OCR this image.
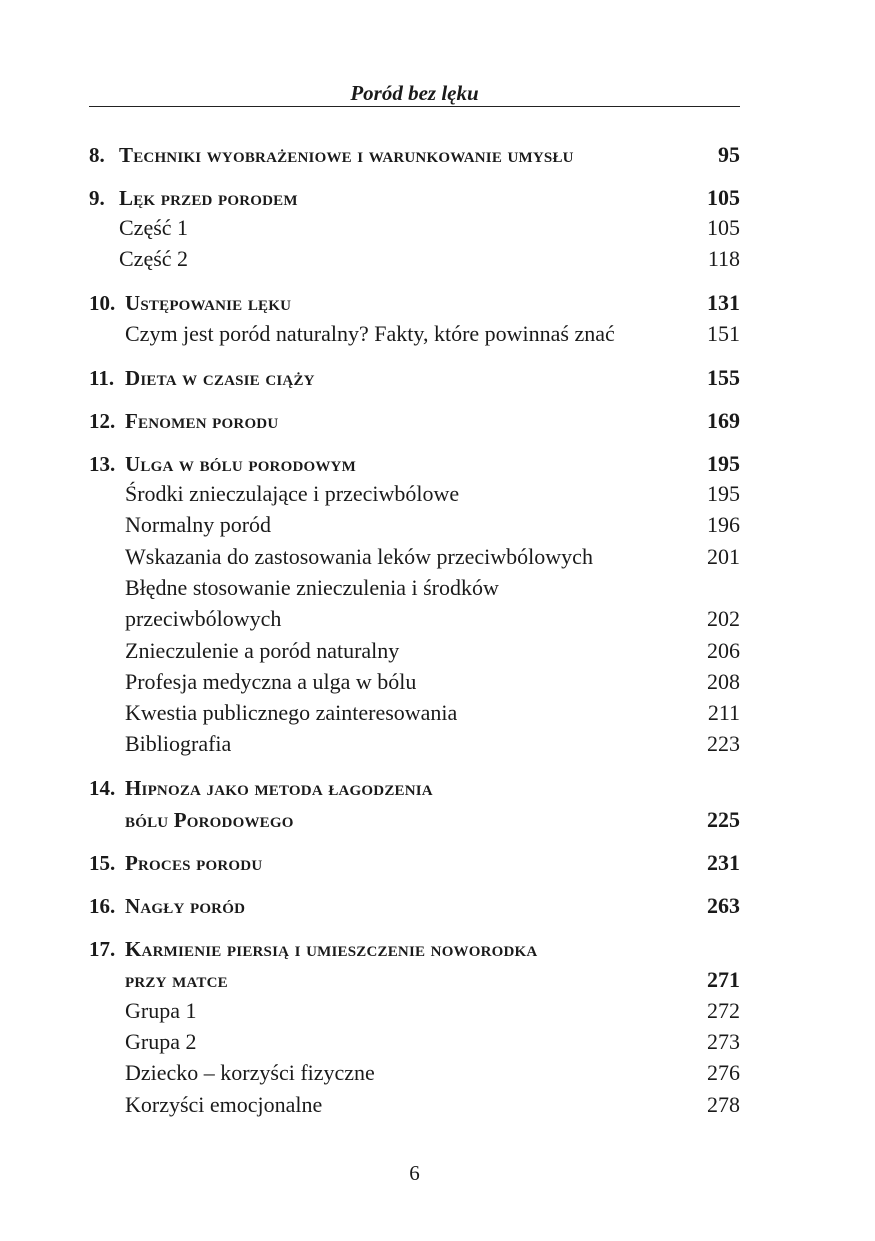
Poród bez lęku
8. Techniki wyobrażeniowe i warunkowanie umysłu	95
9. Lęk przed porodem	105
Część 1	105
Część 2	118
10. Ustępowanie lęku	131
Czym jest poród naturalny? Fakty, które powinnaś znać	151
11. Dieta w czasie ciąży	155
12. Fenomen porodu	169
13. Ulga w bólu porodowym	195
Środki znieczulające i przeciwbólowe	195
Normalny poród	196
Wskazania do zastosowania leków przeciwbólowych	201
Błędne stosowanie znieczulenia i środków
przeciwbólowych	202
Znieczulenie a poród naturalny	206
Profesja medyczna a ulga w bólu	208
Kwestia publicznego zainteresowania	211
Bibliografia	223
14. Hipnoza jako metoda łagodzenia
bólu Porodowego	225
15. Proces porodu	231
16. Nagły poród	263
17. Karmienie piersią i umieszczenie noworodka
przy matce	271
Grupa 1	272
Grupa 2	273
Dziecko – korzyści fizyczne	276
Korzyści emocjonalne	278
6
